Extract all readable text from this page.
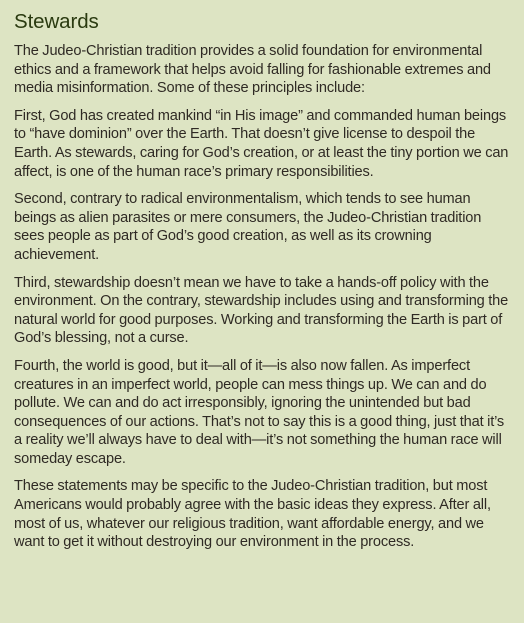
Stewards

The Judeo-Christian tradition provides a solid foundation for environmental ethics and a framework that helps avoid falling for fashionable extremes and media misinformation. Some of these principles include:

First, God has created mankind “in His image” and commanded human beings to “have dominion” over the Earth. That doesn’t give license to despoil the Earth. As stewards, caring for God’s creation, or at least the tiny portion we can affect, is one of the human race’s primary responsibilities.

Second, contrary to radical environmentalism, which tends to see human beings as alien parasites or mere consumers, the Judeo-Christian tradition sees people as part of God’s good creation, as well as its crowning achievement.

Third, stewardship doesn’t mean we have to take a hands-off policy with the environment. On the contrary, stewardship includes using and transforming the natural world for good purposes. Working and transforming the Earth is part of God’s blessing, not a curse.

Fourth, the world is good, but it—all of it—is also now fallen. As imperfect creatures in an imperfect world, people can mess things up. We can and do pollute. We can and do act irresponsibly, ignoring the unintended but bad consequences of our actions. That’s not to say this is a good thing, just that it’s a reality we’ll always have to deal with—it’s not something the human race will someday escape.

These statements may be specific to the Judeo-Christian tradition, but most Americans would probably agree with the basic ideas they express. After all, most of us, whatever our religious tradition, want affordable energy, and we want to get it without destroying our environment in the process.
